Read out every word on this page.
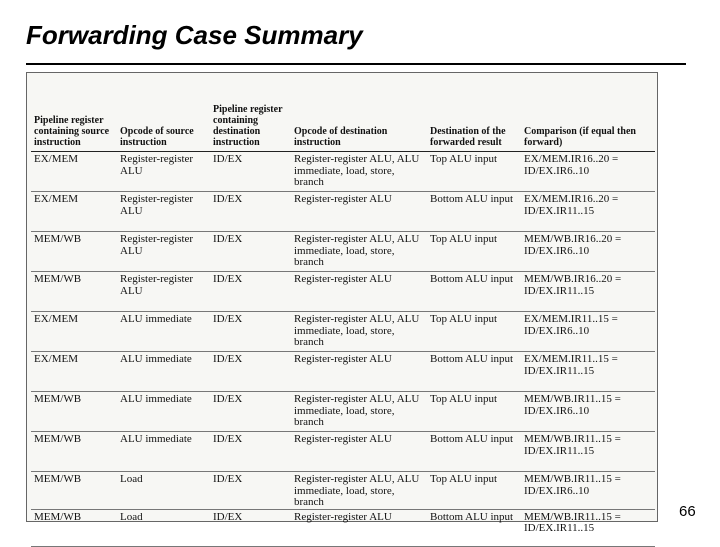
Forwarding Case Summary
Pipeline register containing source instruction	Opcode of source instruction	Pipeline register containing destination instruction	Opcode of destination instruction	Destination of the forwarded result	Comparison (if equal then forward)
EX/MEM	Register-register ALU	ID/EX	Register-register ALU, ALU immediate, load, store, branch	Top ALU input	EX/MEM.IR16..20 = ID/EX.IR6..10
EX/MEM	Register-register ALU	ID/EX	Register-register ALU	Bottom ALU input	EX/MEM.IR16..20 = ID/EX.IR11..15
MEM/WB	Register-register ALU	ID/EX	Register-register ALU, ALU immediate, load, store, branch	Top ALU input	MEM/WB.IR16..20 = ID/EX.IR6..10
MEM/WB	Register-register ALU	ID/EX	Register-register ALU	Bottom ALU input	MEM/WB.IR16..20 = ID/EX.IR11..15
EX/MEM	ALU immediate	ID/EX	Register-register ALU, ALU immediate, load, store, branch	Top ALU input	EX/MEM.IR11..15 = ID/EX.IR6..10
EX/MEM	ALU immediate	ID/EX	Register-register ALU	Bottom ALU input	EX/MEM.IR11..15 = ID/EX.IR11..15
MEM/WB	ALU immediate	ID/EX	Register-register ALU, ALU immediate, load, store, branch	Top ALU input	MEM/WB.IR11..15 = ID/EX.IR6..10
MEM/WB	ALU immediate	ID/EX	Register-register ALU	Bottom ALU input	MEM/WB.IR11..15 = ID/EX.IR11..15
MEM/WB	Load	ID/EX	Register-register ALU, ALU immediate, load, store, branch	Top ALU input	MEM/WB.IR11..15 = ID/EX.IR6..10
MEM/WB	Load	ID/EX	Register-register ALU	Bottom ALU input	MEM/WB.IR11..15 = ID/EX.IR11..15
66
